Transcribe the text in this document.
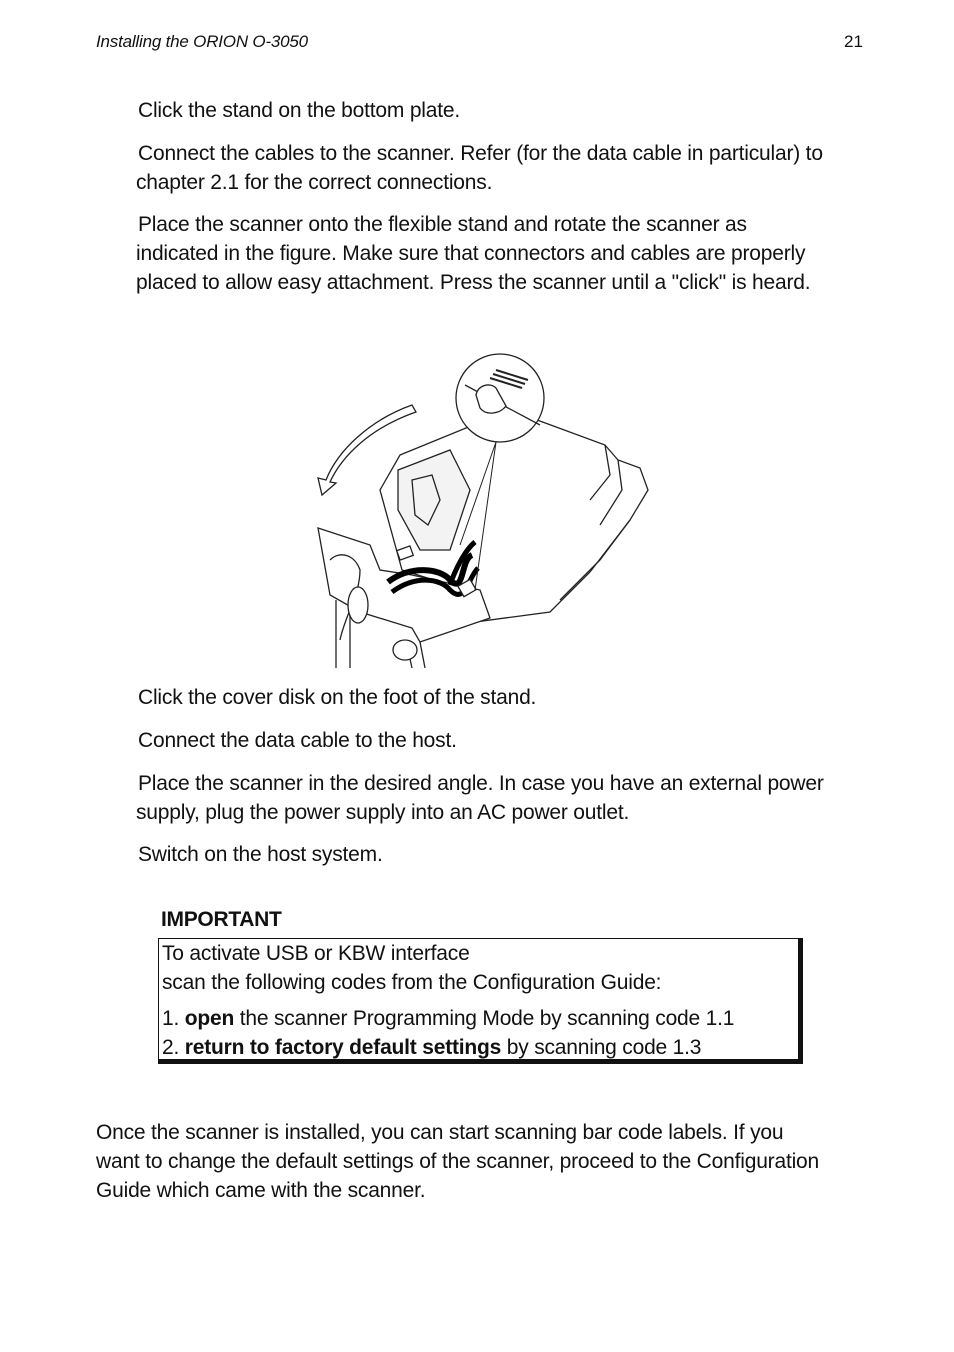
Installing the ORION O-3050	21
Click the stand on the bottom plate.
Connect the cables to the scanner. Refer (for the data cable in particular) to
chapter 2.1 for the correct connections.
Place the scanner onto the flexible stand and rotate the scanner as
indicated in the figure. Make sure that connectors and cables are properly
placed to allow easy attachment. Press the scanner until a "click" is heard.
Click the cover disk on the foot of the stand.
Connect the data cable to the host.
Place the scanner in the desired angle. In case you have an external power
supply, plug the power supply into an AC power outlet.
Switch on the host system.
IMPORTANT
To activate USB or KBW interface
scan the following codes from the Configuration Guide:
1. open the scanner Programming Mode by scanning code 1.1
2. return to factory default settings by scanning code 1.3
Once the scanner is installed, you can start scanning bar code labels. If you
want to change the default settings of the scanner, proceed to the Configuration
Guide which came with the scanner.
